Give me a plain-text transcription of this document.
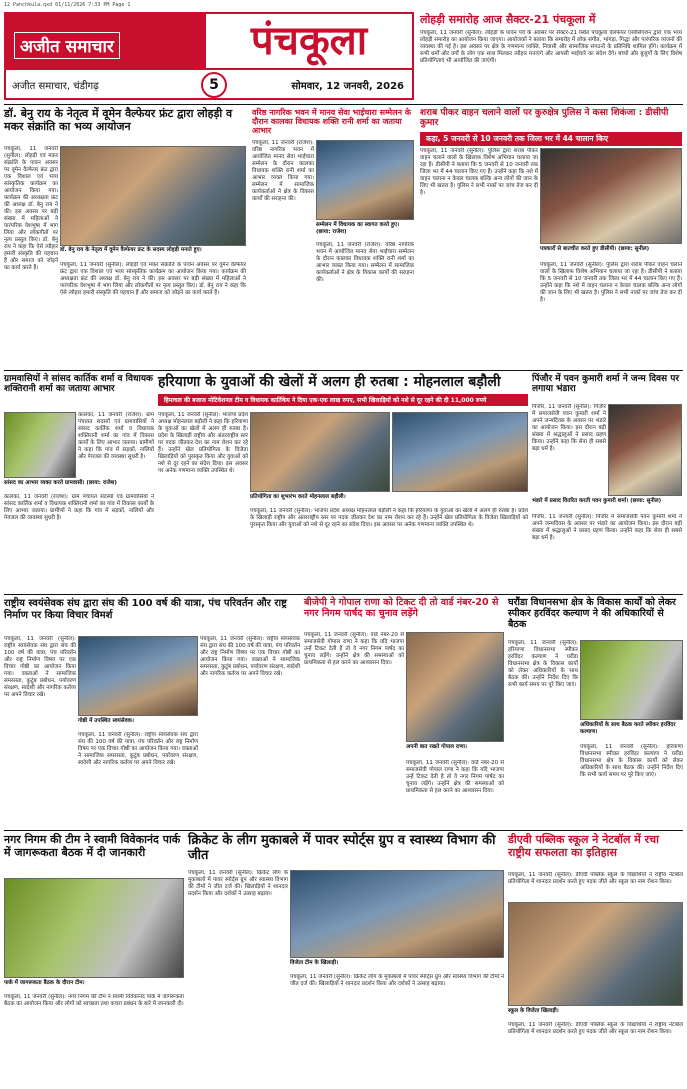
12 Panchkula.qxd 01/11/2026 7:33 PM Page 1
अजीत समाचार	पंचकूला
अजीत समाचार, चंडीगढ़	5	सोमवार, 12 जनवरी, 2026
लोहड़ी समारोह आज सैक्टर-21 पंचकूला में
पंचकूला, 11 जनवरी (सुनील): लोहड़ी के पावन पर्व के अवसर पर सैक्टर-21 स्थित पंचकूला वेलफेयर एसोसिएशन द्वारा एक भव्य लोहड़ी समारोह का आयोजन किया जाएगा। आयोजकों ने बताया कि समारोह में लोक संगीत, भांगड़ा, गिद्धा और पारंपरिक व्यंजनों की व्यवस्था की गई है। इस अवसर पर क्षेत्र के गणमान्य व्यक्ति, निवासी और सामाजिक संगठनों के प्रतिनिधि शामिल होंगे। कार्यक्रम में सभी धर्मों और वर्गों के लोग एक साथ मिलकर त्यौहार मनाएंगे और आपसी भाईचारे का संदेश देंगे। बच्चों और बुजुर्गों के लिए विशेष प्रतियोगिताएं भी आयोजित की जाएंगी।
डॉ. बेनु राय के नेतृत्व में वूमेन वैल्फेयर फ्रंट द्वारा लोहड़ी व मकर संक्रांति का भव्य आयोजन
डॉ. बेनु राय के नेतृत्व में वूमेन वैल्फेयर फ्रंट के सदस्य लोहड़ी मनाते हुए।
पंचकूला, 11 जनवरी (सुनील): लोहड़ी एवं मकर संक्रांति के पावन अवसर पर वूमेन वैल्फेयर फ्रंट द्वारा एक विशाल एवं भव्य सांस्कृतिक कार्यक्रम का आयोजन किया गया। कार्यक्रम की अध्यक्षता फ्रंट की अध्यक्ष डॉ. बेनु राय ने की। इस अवसर पर बड़ी संख्या में महिलाओं ने पारंपरिक वेशभूषा में भाग लिया और लोकगीतों पर नृत्य प्रस्तुत किए। डॉ. बेनु राय ने कहा कि ऐसे त्यौहार हमारी संस्कृति की पहचान हैं और समाज को जोड़ने का कार्य करते हैं।	पंचकूला, 11 जनवरी (सुनील): लोहड़ी एवं मकर संक्रांति के पावन अवसर पर वूमेन वैल्फेयर फ्रंट द्वारा एक विशाल एवं भव्य सांस्कृतिक कार्यक्रम का आयोजन किया गया। कार्यक्रम की अध्यक्षता फ्रंट की अध्यक्ष डॉ. बेनु राय ने की। इस अवसर पर बड़ी संख्या में महिलाओं ने पारंपरिक वेशभूषा में भाग लिया और लोकगीतों पर नृत्य प्रस्तुत किए। डॉ. बेनु राय ने कहा कि ऐसे त्यौहार हमारी संस्कृति की पहचान हैं और समाज को जोड़ने का कार्य करते हैं।
वरिष्ठ नागरिक भवन में मानव सेवा भाईचारा सम्मेलन के दौरान कालका विधायक शक्ति रानी शर्मा का जताया आभार
पंचकूला, 11 जनवरी (राजेश): वरिष्ठ नागरिक भवन में आयोजित मानव सेवा भाईचारा सम्मेलन के दौरान कालका विधायक शक्ति रानी शर्मा का आभार व्यक्त किया गया। सम्मेलन में सामाजिक कार्यकर्ताओं ने क्षेत्र के विकास कार्यों की सराहना की।
सम्मेलन में विधायक का स्वागत करते हुए। (छाया: राजेश)
पंचकूला, 11 जनवरी (राजेश): वरिष्ठ नागरिक भवन में आयोजित मानव सेवा भाईचारा सम्मेलन के दौरान कालका विधायक शक्ति रानी शर्मा का आभार व्यक्त किया गया। सम्मेलन में सामाजिक कार्यकर्ताओं ने क्षेत्र के विकास कार्यों की सराहना की।
शराब पीकर वाहन चलाने वालों पर कुरुक्षेत्र पुलिस ने कसा शिकंजा : डीसीपी कुमार
कहा, 5 जनवरी से 10 जनवरी तक जिला भर में 44 चालान किए
पंचकूला, 11 जनवरी (सुनील): पुलिस द्वारा शराब पीकर वाहन चलाने वालों के खिलाफ विशेष अभियान चलाया जा रहा है। डीसीपी ने बताया कि 5 जनवरी से 10 जनवरी तक जिला भर में 44 चालान किए गए हैं। उन्होंने कहा कि नशे में वाहन चलाना न केवल चालक बल्कि अन्य लोगों की जान के लिए भी खतरा है। पुलिस ने सभी नाकों पर जांच तेज कर दी है।
पत्रकारों से बातचीत करते हुए डीसीपी। (छाया: सुनील)
पंचकूला, 11 जनवरी (सुनील): पुलिस द्वारा शराब पीकर वाहन चलाने वालों के खिलाफ विशेष अभियान चलाया जा रहा है। डीसीपी ने बताया कि 5 जनवरी से 10 जनवरी तक जिला भर में 44 चालान किए गए हैं। उन्होंने कहा कि नशे में वाहन चलाना न केवल चालक बल्कि अन्य लोगों की जान के लिए भी खतरा है। पुलिस ने सभी नाकों पर जांच तेज कर दी है।
ग्रामवासियों ने सांसद कार्तिक शर्मा व विधायक शक्तिरानी शर्मा का जताया आभार
कालका, 11 जनवरी (राजेश): ग्राम पंचायत सदस्यों एवं ग्रामवासियों ने सांसद कार्तिक शर्मा व विधायक शक्तिरानी शर्मा का गांव में विकास कार्यों के लिए आभार जताया। ग्रामीणों ने कहा कि गांव में सड़कों, नालियों और पेयजल की व्यवस्था सुधरी है।
सांसद का आभार व्यक्त करते ग्रामवासी। (छाया: राजेश)
कालका, 11 जनवरी (राजेश): ग्राम पंचायत सदस्यों एवं ग्रामवासियों ने सांसद कार्तिक शर्मा व विधायक शक्तिरानी शर्मा का गांव में विकास कार्यों के लिए आभार जताया। ग्रामीणों ने कहा कि गांव में सड़कों, नालियों और पेयजल की व्यवस्था सुधरी है।
हरियाणा के युवाओं की खेलों में अलग ही रुतबा : मोहनलाल बड़ौली
हिमाचल की बजाज मोटिवेशनल टीम व विधायक कार्तिकेय ने दिया एक-एक लाख रुपए, सभी खिलाड़ियों को नशे से दूर रहने की दी 11,000 रुपये
पंचकूला, 11 जनवरी (सुनील): भाजपा प्रदेश अध्यक्ष मोहनलाल बड़ौली ने कहा कि हरियाणा के युवाओं का खेलों में अलग ही रुतबा है। प्रदेश के खिलाड़ी राष्ट्रीय और अंतरराष्ट्रीय स्तर पर पदक जीतकर देश का नाम रोशन कर रहे हैं। उन्होंने खेल प्रतियोगिता के विजेता खिलाड़ियों को पुरस्कृत किया और युवाओं को नशे से दूर रहने का संदेश दिया। इस अवसर पर अनेक गणमान्य व्यक्ति उपस्थित थे।
प्रतियोगिता का शुभारंभ करते मोहनलाल बड़ौली।
पंचकूला, 11 जनवरी (सुनील): भाजपा प्रदेश अध्यक्ष मोहनलाल बड़ौली ने कहा कि हरियाणा के युवाओं का खेलों में अलग ही रुतबा है। प्रदेश के खिलाड़ी राष्ट्रीय और अंतरराष्ट्रीय स्तर पर पदक जीतकर देश का नाम रोशन कर रहे हैं। उन्होंने खेल प्रतियोगिता के विजेता खिलाड़ियों को पुरस्कृत किया और युवाओं को नशे से दूर रहने का संदेश दिया। इस अवसर पर अनेक गणमान्य व्यक्ति उपस्थित थे।
पिंजौर में पवन कुमारी शर्मा ने जन्म दिवस पर लगाया भंडारा
पिंजौर, 11 जनवरी (सुनील): पिंजौर में समाजसेवी पवन कुमारी शर्मा ने अपने जन्मदिवस के अवसर पर भंडारे का आयोजन किया। इस दौरान बड़ी संख्या में श्रद्धालुओं ने प्रसाद ग्रहण किया। उन्होंने कहा कि सेवा ही सबसे बड़ा धर्म है।
भंडारे में प्रसाद वितरित करती पवन कुमारी शर्मा। (छाया: सुनील)
पिंजौर, 11 जनवरी (सुनील): पिंजौर में समाजसेवी पवन कुमारी शर्मा ने अपने जन्मदिवस के अवसर पर भंडारे का आयोजन किया। इस दौरान बड़ी संख्या में श्रद्धालुओं ने प्रसाद ग्रहण किया। उन्होंने कहा कि सेवा ही सबसे बड़ा धर्म है।
राष्ट्रीय स्वयंसेवक संघ द्वारा संघ की 100 वर्ष की यात्रा, पंच परिवर्तन और राष्ट्र निर्माण पर किया विचार विमर्श
पंचकूला, 11 जनवरी (सुनील): राष्ट्रीय स्वयंसेवक संघ द्वारा संघ की 100 वर्ष की यात्रा, पंच परिवर्तन और राष्ट्र निर्माण विषय पर एक विचार गोष्ठी का आयोजन किया गया। वक्ताओं ने सामाजिक समरसता, कुटुंब प्रबोधन, पर्यावरण संरक्षण, स्वदेशी और नागरिक कर्तव्य पर अपने विचार रखे।
गोष्ठी में उपस्थित स्वयंसेवक।
पंचकूला, 11 जनवरी (सुनील): राष्ट्रीय स्वयंसेवक संघ द्वारा संघ की 100 वर्ष की यात्रा, पंच परिवर्तन और राष्ट्र निर्माण विषय पर एक विचार गोष्ठी का आयोजन किया गया। वक्ताओं ने सामाजिक समरसता, कुटुंब प्रबोधन, पर्यावरण संरक्षण, स्वदेशी और नागरिक कर्तव्य पर अपने विचार रखे।
पंचकूला, 11 जनवरी (सुनील): राष्ट्रीय स्वयंसेवक संघ द्वारा संघ की 100 वर्ष की यात्रा, पंच परिवर्तन और राष्ट्र निर्माण विषय पर एक विचार गोष्ठी का आयोजन किया गया। वक्ताओं ने सामाजिक समरसता, कुटुंब प्रबोधन, पर्यावरण संरक्षण, स्वदेशी और नागरिक कर्तव्य पर अपने विचार रखे।
बीजेपी ने गोपाल राणा को टिकट दी तो वार्ड नंबर-20 से नगर निगम पार्षद का चुनाव लड़ेंगे
पंचकूला, 11 जनवरी (सुनील): वार्ड नंबर-20 से समाजसेवी गोपाल राणा ने कहा कि यदि भाजपा उन्हें टिकट देती है तो वे नगर निगम पार्षद का चुनाव लड़ेंगे। उन्होंने क्षेत्र की समस्याओं को प्राथमिकता से हल करने का आश्वासन दिया।
अपनी बात रखते गोपाल राणा।
पंचकूला, 11 जनवरी (सुनील): वार्ड नंबर-20 से समाजसेवी गोपाल राणा ने कहा कि यदि भाजपा उन्हें टिकट देती है तो वे नगर निगम पार्षद का चुनाव लड़ेंगे। उन्होंने क्षेत्र की समस्याओं को प्राथमिकता से हल करने का आश्वासन दिया।
घरौंडा विधानसभा क्षेत्र के विकास कार्यों को लेकर स्पीकर हरविंदर कल्याण ने की अधिकारियों से बैठक
पंचकूला, 11 जनवरी (सुनील): हरियाणा विधानसभा स्पीकर हरविंदर कल्याण ने घरौंडा विधानसभा क्षेत्र के विकास कार्यों को लेकर अधिकारियों के साथ बैठक की। उन्होंने निर्देश दिए कि सभी कार्य समय पर पूरे किए जाएं।
अधिकारियों के साथ बैठक करते स्पीकर हरविंदर कल्याण।
पंचकूला, 11 जनवरी (सुनील): हरियाणा विधानसभा स्पीकर हरविंदर कल्याण ने घरौंडा विधानसभा क्षेत्र के विकास कार्यों को लेकर अधिकारियों के साथ बैठक की। उन्होंने निर्देश दिए कि सभी कार्य समय पर पूरे किए जाएं।
नगर निगम की टीम ने स्वामी विवेकानंद पार्क में जागरूकता बैठक में दी जानकारी
पार्क में जागरूकता बैठक के दौरान टीम।
पंचकूला, 11 जनवरी (सुनील): नगर निगम की टीम ने स्वामी विवेकानंद पार्क में जागरूकता बैठक का आयोजन किया और लोगों को स्वच्छता तथा कचरा प्रबंधन के बारे में जानकारी दी।
क्रिकेट के लीग मुकाबले में पावर स्पोर्ट्स ग्रुप व स्वास्थ्य विभाग की जीत
पंचकूला, 11 जनवरी (सुनील): क्रिकेट लीग के मुकाबलों में पावर स्पोर्ट्स ग्रुप और स्वास्थ्य विभाग की टीमों ने जीत दर्ज की। खिलाड़ियों ने शानदार प्रदर्शन किया और दर्शकों ने उत्साह बढ़ाया।
विजेता टीम के खिलाड़ी।
पंचकूला, 11 जनवरी (सुनील): क्रिकेट लीग के मुकाबलों में पावर स्पोर्ट्स ग्रुप और स्वास्थ्य विभाग की टीमों ने जीत दर्ज की। खिलाड़ियों ने शानदार प्रदर्शन किया और दर्शकों ने उत्साह बढ़ाया।
डीएवी पब्लिक स्कूल ने नेटबॉल में रचा राष्ट्रीय सफलता का इतिहास
पंचकूला, 11 जनवरी (सुनील): डीएवी पब्लिक स्कूल के विद्यार्थियों ने राष्ट्रीय नेटबॉल प्रतियोगिता में शानदार प्रदर्शन करते हुए पदक जीते और स्कूल का नाम रोशन किया।
स्कूल के विजेता खिलाड़ी।
पंचकूला, 11 जनवरी (सुनील): डीएवी पब्लिक स्कूल के विद्यार्थियों ने राष्ट्रीय नेटबॉल प्रतियोगिता में शानदार प्रदर्शन करते हुए पदक जीते और स्कूल का नाम रोशन किया।
